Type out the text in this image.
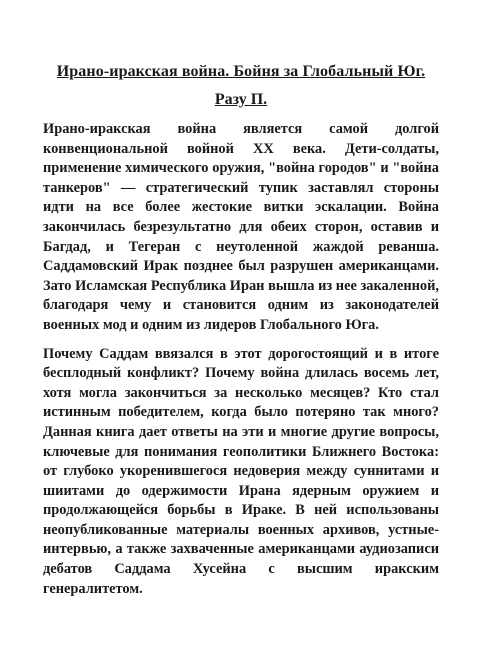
Ирано-иракская война. Бойня за Глобальный Юг.

Разу П.

Ирано-иракская война является самой долгой конвенциональной войной XX века. Дети-солдаты, применение химического оружия, "война городов" и "война танкеров" — стратегический тупик заставлял стороны идти на все более жестокие витки эскалации. Война закончилась безрезультатно для обеих сторон, оставив и Багдад, и Тегеран с неутоленной жаждой реванша. Саддамовский Ирак позднее был разрушен американцами. Зато Исламская Республика Иран вышла из нее закаленной, благодаря чему и становится одним из законодателей военных мод и одним из лидеров Глобального Юга.

Почему Саддам ввязался в этот дорогостоящий и в итоге бесплодный конфликт? Почему война длилась восемь лет, хотя могла закончиться за несколько месяцев? Кто стал истинным победителем, когда было потеряно так много? Данная книга дает ответы на эти и многие другие вопросы, ключевые для понимания геополитики Ближнего Востока: от глубоко укоренившегося недоверия между суннитами и шиитами до одержимости Ирана ядерным оружием и продолжающейся борьбы в Ираке. В ней использованы неопубликованные материалы военных архивов, устные-интервью, а также захваченные американцами аудиозаписи дебатов Саддама Хусейна с высшим иракским генералитетом.
